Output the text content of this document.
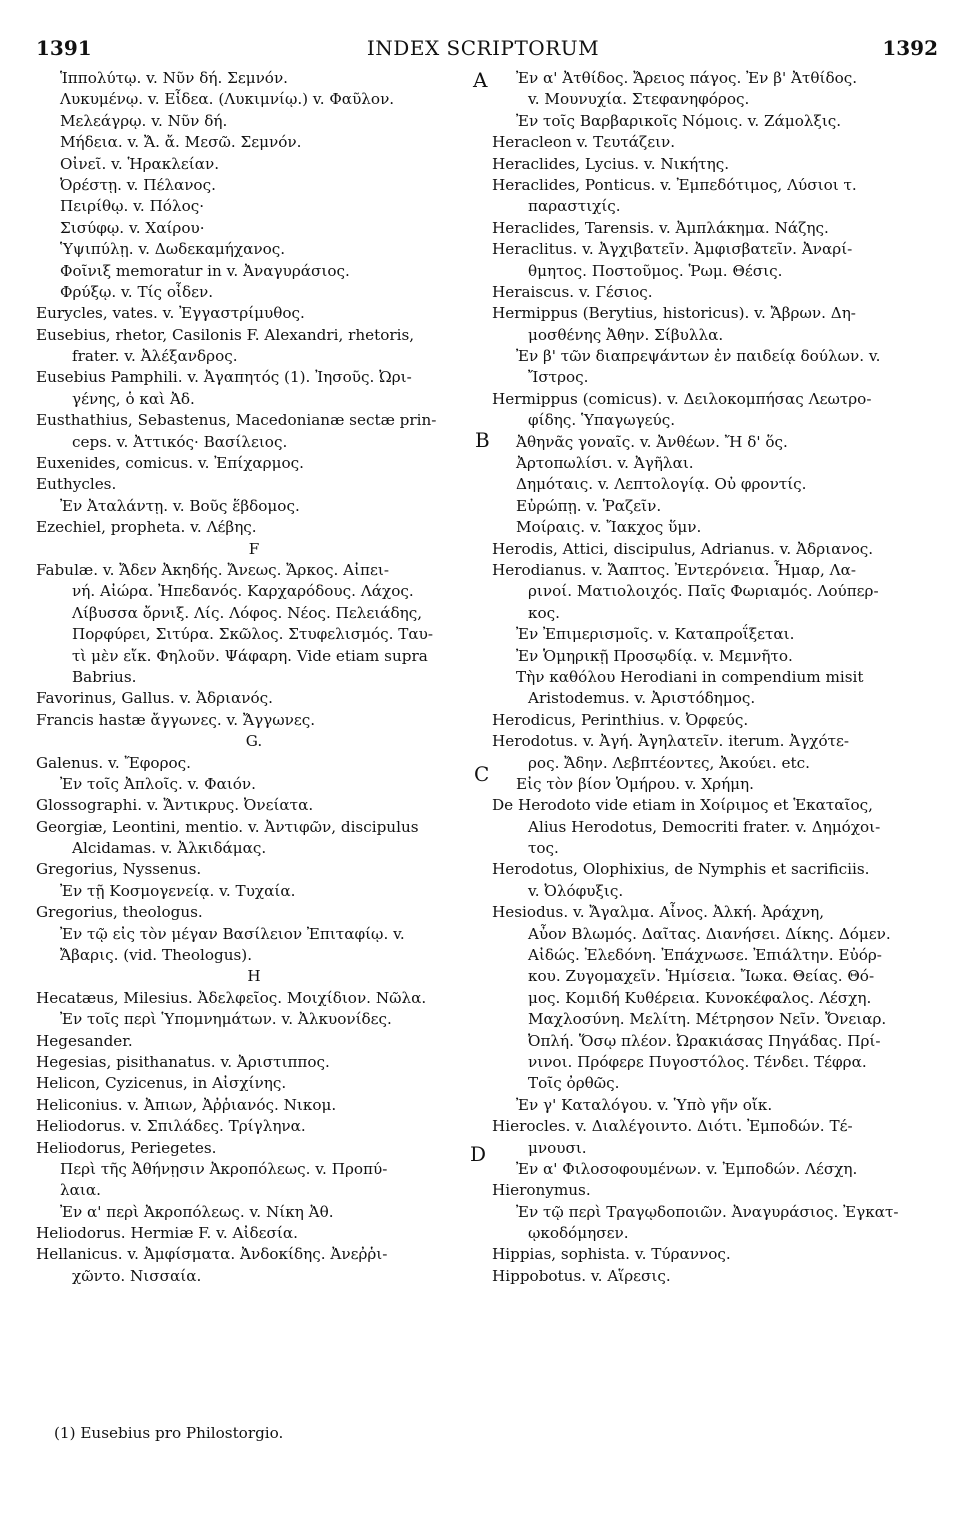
1391	INDEX SCRIPTORUM	1392
Ἱππολύτῳ. v. Νῦν δή. Σεμνόν.
Λυκυμένῳ. v. Εἶδεα. (Λυκιμνίῳ.) v. Φαῦλον.
Μελεάγρῳ. v. Νῦν δή.
Μήδεια. v. Ἄ. ἄ. Μεσῶ. Σεμνόν.
Οἰνεῖ. v. Ἡρακλείαν.
Ὀρέστῃ. v. Πέλανος.
Πειρίθῳ. v. Πόλος·
Σισύφῳ. v. Χαίρου·
Ὑψιπύλῃ. v. Δωδεκαμήχανος.
Φοῖνιξ memoratur in v. Ἀναγυράσιος.
Φρύξῳ. v. Τίς οἶδεν.
Eurycles, vates. v. Ἐγγαστρίμυθος.
Eusebius, rhetor, Casilonis F. Alexandri, rhetoris,
frater. v. Ἀλέξανδρος.
Eusebius Pamphili. v. Ἀγαπητός (1). Ἰησοῦς. Ὠρι-
γένης, ὁ καὶ Ἀδ.
Eusthathius, Sebastenus, Macedonianæ sectæ prin-
ceps. v. Ἀττικός· Βασίλειος.
Euxenides, comicus. v. Ἐπίχαρμος.
Euthycles.
Ἐν Ἀταλάντῃ. v. Βοῦς ἕβδομος.
Ezechiel, propheta. v. Λέβης.
F
Fabulæ. v. Ἄδεν Ἀκηδής. Ἄνεως. Ἄρκος. Αἰπει-
νή. Αἰώρα. Ἠπεδανός. Καρχαρόδους. Λάχος.
Λίβυσσα ὄρνιξ. Λίς. Λόφος. Νέος. Πελειάδης,
Πορφύρει, Σιτύρα. Σκῶλος. Στυφελισμός. Ταυ-
τὶ μὲν εἴκ. Φηλοῦν. Ψάφαρη. Vide etiam supra
Babrius.
Favorinus, Gallus. v. Ἀδριανός.
Francis hastæ ἄγγωνες. v. Ἄγγωνες.
G.
Galenus. v. Ἔφορος.
Ἐν τοῖς Ἀπλοῖς. v. Φαιόν.
Glossographi. v. Ἄντικρυς. Ὀνείατα.
Georgiæ, Leontini, mentio. v. Ἀντιφῶν, discipulus
Alcidamas. v. Ἀλκιδάμας.
Gregorius, Nyssenus.
Ἐν τῇ Κοσμογενείᾳ. v. Τυχαία.
Gregorius, theologus.
Ἐν τῷ εἰς τὸν μέγαν Βασίλειον Ἐπιταφίῳ. v.
Ἄβαρις. (vid. Theologus).
H
Hecatæus, Milesius. Ἀδελφεῖος. Μοιχίδιον. Νῶλα.
Ἐν τοῖς περὶ Ὑπομνημάτων. v. Ἀλκυονίδες.
Hegesander.
Hegesias, pisithanatus. v. Ἀριστιππος.
Helicon, Cyzicenus, in Αἰσχίνης.
Heliconius. v. Ἀπιων, Ἀῤῥιανός. Νικομ.
Heliodorus. v. Σπιλάδες. Τρίγληνα.
Heliodorus, Periegetes.
Περὶ τῆς Ἀθήνῃσιν Ἀκροπόλεως. v. Προπύ-
λαια.
Ἐν α' περὶ Ἀκροπόλεως. v. Νίκη Ἀθ.
Heliodorus. Hermiæ F. v. Αἰδεσία.
Hellanicus. v. Ἀμφίσματα. Ἀνδοκίδης. Ἀνεῤῥι-
χῶντο. Νισσαία.
Ἐν α' Ἀτθίδος. Ἄρειος πάγος. Ἐν β' Ἀτθίδος.
v. Μουνυχία. Στεφανηφόρος.
Ἐν τοῖς Βαρβαρικοῖς Νόμοις. v. Ζάμολξις.
Heracleon v. Τευτάζειν.
Heraclides, Lycius. v. Νικήτης.
Heraclides, Ponticus. v. Ἐμπεδότιμος, Λύσιοι τ.
παραστιχίς.
Heraclides, Tarensis. v. Ἀμπλάκημα. Νάζης.
Heraclitus. v. Ἀγχιβατεῖν. Ἀμφισβατεῖν. Ἀναρί-
θμητος. Ποστοῦμος. Ῥωμ. Θέσις.
Heraiscus. v. Γέσιος.
Hermippus (Berytius, historicus). v. Ἄβρων. Δη-
μοσθένης Ἀθην. Σίβυλλα.
Ἐν β' τῶν διαπρεψάντων ἐν παιδείᾳ δούλων. v.
Ἴστρος.
Hermippus (comicus). v. Δειλοκομπήσας Λεωτρο-
φίδης. Ὑπαγωγεύς.
Ἀθηνᾶς γοναῖς. v. Ἀνθέων. Ἤ δ' ὅς.
Ἀρτοπωλίσι. v. Ἀγῆλαι.
Δημόταις. v. Λεπτολογίᾳ. Οὐ φροντίς.
Εὐρώπῃ. v. Ῥαζεῖν.
Μοίραις. v. Ἴακχος ὕμν.
Herodis, Attici, discipulus, Adrianus. v. Ἀδριανος.
Herodianus. v. Ἄαπτος. Ἐντερόνεια. Ἧμαρ, Λα-
ρινοί. Ματιολοιχός. Παῖς Φωριαμός. Λούπερ-
κος.
Ἐν Ἐπιμερισμοῖς. v. Καταπροΐξεται.
Ἐν Ὁμηρικῇ Προσῳδίᾳ. v. Μεμνῆτο.
Τὴν καθόλου Herodiani in compendium misit
Aristodemus. v. Ἀριστόδημος.
Herodicus, Perinthius. v. Ὀρφεύς.
Herodotus. v. Ἀγή. Ἀγηλατεῖν. iterum. Ἀγχότε-
ρος. Ἄδην. Λεβπτέοντες, Ἀκούει. etc.
Εἰς τὸν βίον Ὁμήρου. v. Χρήμη.
De Herodoto vide etiam in Χοίριμος et Ἑκαταῖος,
Alius Herodotus, Democriti frater. v. Δημόχοι-
τος.
Herodotus, Olophixius, de Nymphis et sacrificiis.
v. Ὀλόφυξις.
Hesiodus. v. Ἄγαλμα. Αἶνος. Ἀλκή. Ἀράχνη,
Αὖον Βλωμός. Δαῖτας. Διανήσει. Δίκης. Δόμεν.
Αἰδώς. Ἐλεδόνη. Ἐπάχνωσε. Ἐπιάλτην. Εὐόρ-
κου. Ζυγομαχεῖν. Ἡμίσεια. Ἴωκα. Θείας. Θό-
μος. Κομιδή Κυθέρεια. Κυνοκέφαλος. Λέσχη.
Μαχλοσύνη. Μελίτη. Μέτρησον Νεῖν. Ὄνειαρ.
Ὀπλή. Ὅσῳ πλέον. Ὠρακιάσας Πηγάδας. Πρί-
νινοι. Πρόφερε Πυγοστόλος. Τένδει. Τέφρα.
Τοῖς ὀρθῶς.
Ἐν γ' Καταλόγου. v. Ὑπὸ γῆν οἴκ.
Hierocles. v. Διαλέγοιντο. Διότι. Ἐμποδών. Τέ-
μνουσι.
Ἐν α' Φιλοσοφουμένων. v. Ἐμποδών. Λέσχη.
Hieronymus.
Ἐν τῷ περὶ Τραγῳδοποιῶν. Ἀναγυράσιος. Ἐγκατ-
ῳκοδόμησεν.
Hippias, sophista. v. Τύραννος.
Hippobotus. v. Αἵρεσις.
A
B
C
D
(1) Eusebius pro Philostorgio.
